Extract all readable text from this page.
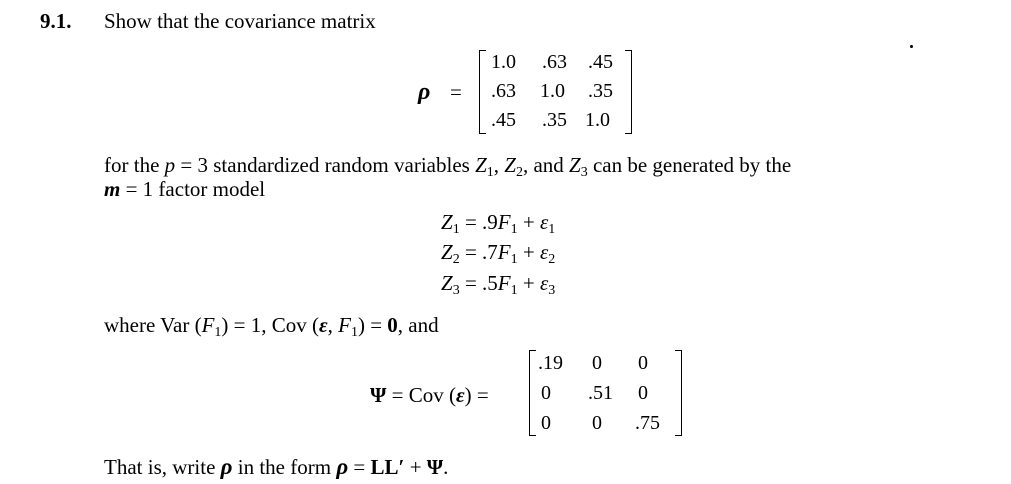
9.1. Show that the covariance matrix
ρ =
1.0 .63 .45
.63 1.0 .35
.45 .35 1.0
for the p = 3 standardized random variables $Z_1$, $Z_2$, and $Z_3$ can be generated by the
m = 1 factor model
$Z_1 = .9F_1 + \varepsilon_1$
$Z_2 = .7F_1 + \varepsilon_2$
$Z_3 = .5F_1 + \varepsilon_3$
where Var $(F_1) = 1$, Cov (ε, $F_1) = 0$, and
Ψ = Cov (ε) =
.19 0 0
0 .51 0
0 0 .75
That is, write ρ in the form ρ = LL′ + Ψ.
